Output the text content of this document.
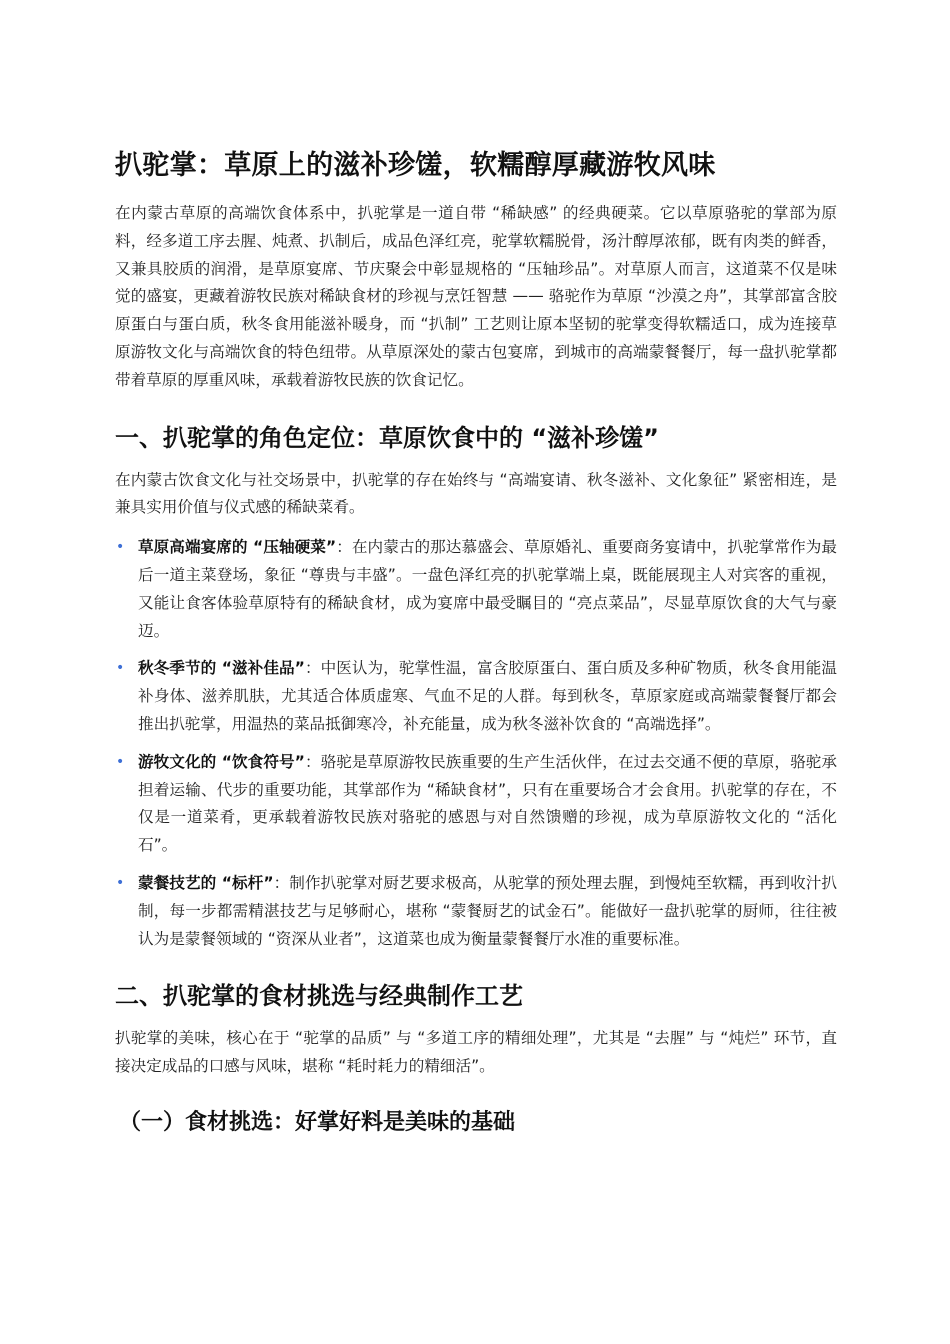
扒驼掌：草原上的滋补珍馐，软糯醇厚藏游牧风味

在内蒙古草原的高端饮食体系中，扒驼掌是一道自带 “稀缺感” 的经典硬菜。它以草原骆驼的掌部为原料，经多道工序去腥、炖煮、扒制后，成品色泽红亮，驼掌软糯脱骨，汤汁醇厚浓郁，既有肉类的鲜香，又兼具胶质的润滑，是草原宴席、节庆聚会中彰显规格的 “压轴珍品”。对草原人而言，这道菜不仅是味觉的盛宴，更藏着游牧民族对稀缺食材的珍视与烹饪智慧 —— 骆驼作为草原 “沙漠之舟”，其掌部富含胶原蛋白与蛋白质，秋冬食用能滋补暖身，而 “扒制” 工艺则让原本坚韧的驼掌变得软糯适口，成为连接草原游牧文化与高端饮食的特色纽带。从草原深处的蒙古包宴席，到城市的高端蒙餐餐厅，每一盘扒驼掌都带着草原的厚重风味，承载着游牧民族的饮食记忆。

一、扒驼掌的角色定位：草原饮食中的 “滋补珍馐”

在内蒙古饮食文化与社交场景中，扒驼掌的存在始终与 “高端宴请、秋冬滋补、文化象征” 紧密相连，是兼具实用价值与仪式感的稀缺菜肴。

• 草原高端宴席的 “压轴硬菜”：在内蒙古的那达慕盛会、草原婚礼、重要商务宴请中，扒驼掌常作为最后一道主菜登场，象征 “尊贵与丰盛”。一盘色泽红亮的扒驼掌端上桌，既能展现主人对宾客的重视，又能让食客体验草原特有的稀缺食材，成为宴席中最受瞩目的 “亮点菜品”，尽显草原饮食的大气与豪迈。
• 秋冬季节的 “滋补佳品”：中医认为，驼掌性温，富含胶原蛋白、蛋白质及多种矿物质，秋冬食用能温补身体、滋养肌肤，尤其适合体质虚寒、气血不足的人群。每到秋冬，草原家庭或高端蒙餐餐厅都会推出扒驼掌，用温热的菜品抵御寒冷，补充能量，成为秋冬滋补饮食的 “高端选择”。
• 游牧文化的 “饮食符号”：骆驼是草原游牧民族重要的生产生活伙伴，在过去交通不便的草原，骆驼承担着运输、代步的重要功能，其掌部作为 “稀缺食材”，只有在重要场合才会食用。扒驼掌的存在，不仅是一道菜肴，更承载着游牧民族对骆驼的感恩与对自然馈赠的珍视，成为草原游牧文化的 “活化石”。
• 蒙餐技艺的 “标杆”：制作扒驼掌对厨艺要求极高，从驼掌的预处理去腥，到慢炖至软糯，再到收汁扒制，每一步都需精湛技艺与足够耐心，堪称 “蒙餐厨艺的试金石”。能做好一盘扒驼掌的厨师，往往被认为是蒙餐领域的 “资深从业者”，这道菜也成为衡量蒙餐餐厅水准的重要标准。
二、扒驼掌的食材挑选与经典制作工艺

扒驼掌的美味，核心在于 “驼掌的品质” 与 “多道工序的精细处理”，尤其是 “去腥” 与 “炖烂” 环节，直接决定成品的口感与风味，堪称 “耗时耗力的精细活”。

（一）食材挑选：好掌好料是美味的基础
